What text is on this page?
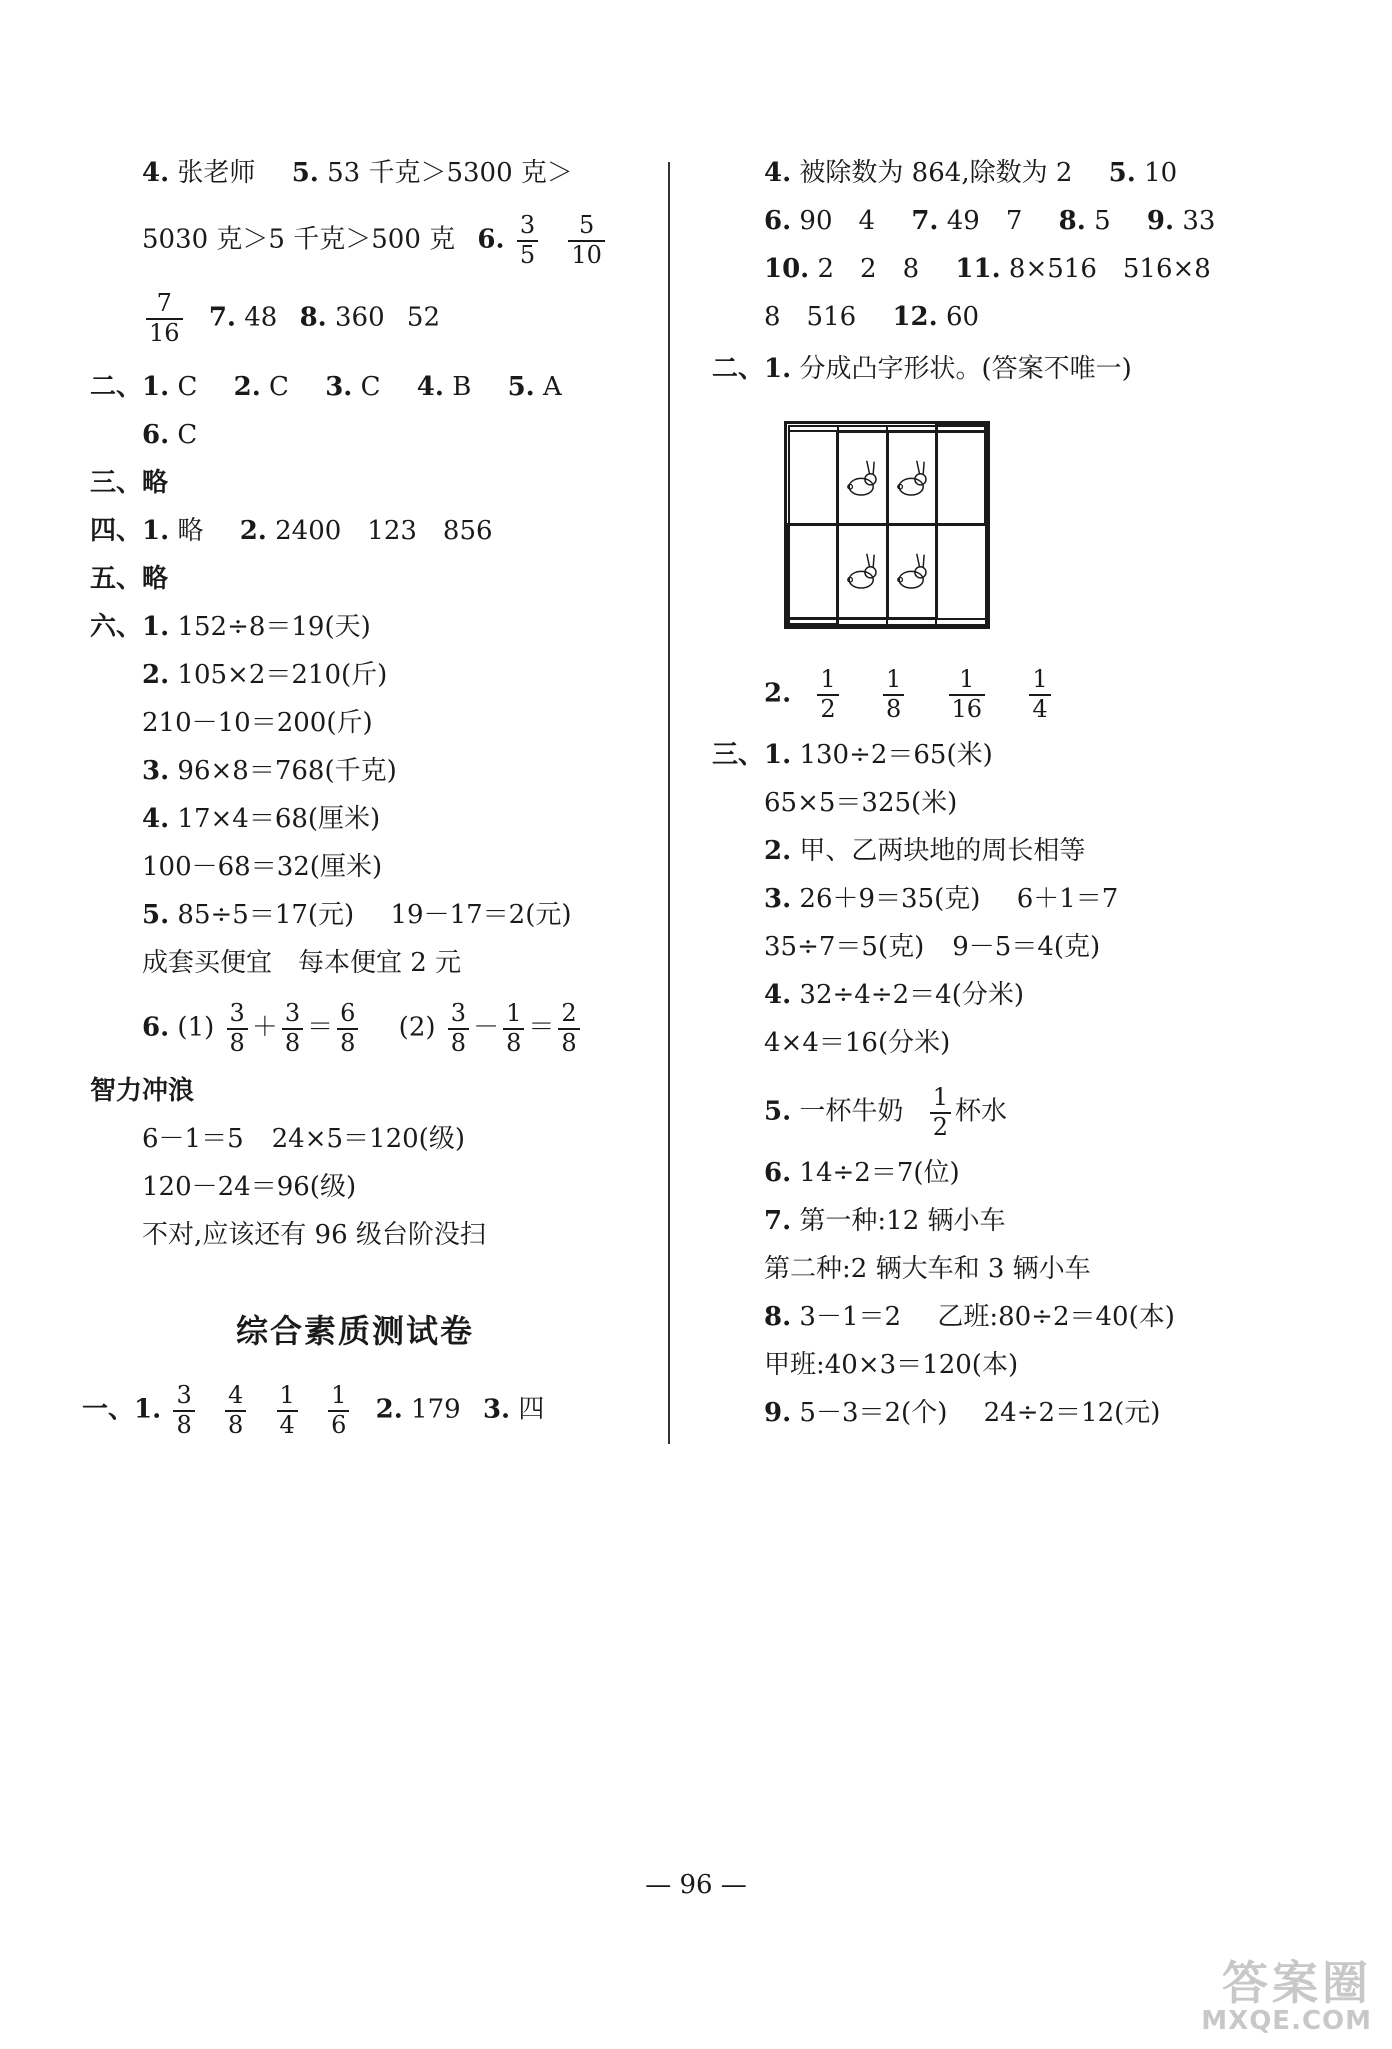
4. 张老师 5. 53 千克＞5300 克＞
5030 克＞5 千克＞500 克 6. $\frac{3}{5}$
$\frac{5}{10}$
$\frac{7}{16} 7$. 48 8. 360 52
二、1. C 2. C 3. C 4. B 5. A
6. C
三、略
四、1. 略 2. 2400　123　856
五、略
六、1. 152÷8＝19(天)
2. 105×2＝210(斤)
210－10＝200(斤)
3. 96×8＝768(千克)
4. 17×4＝68(厘米)
100－68＝32(厘米)
5. 85÷5＝17(元) 19－17＝2(元)
成套买便宜　每本便宜 2 元
6. $(1) \frac{3}{8} + \frac{3}{8} = \frac{6}{8} (2) \frac{3}{8} - \frac{1}{8} = \frac{2}{8}$
智力冲浪
6－1＝5 24×5＝120(级)
120－24＝96(级)
不对,应该还有 96 级台阶没扫
综合素质测试卷
一、1. $\frac{3}{8}$
$\frac{4}{8}$
$\frac{1}{4}$
$\frac{1}{6} 2$. 179 3. 四
4. 被除数为 864,除数为 2 5. 10
6. 90　4 7. 49　7 8. 5 9. 33
10. 2　2　8 11. 8×516　516×8
8　516 12. 60
二、1. 分成凸字形状。(答案不唯一)

2. $\frac{1}{2}$
$\frac{1}{8}$
$\frac{1}{16}$
$\frac{1}{4}$
三、1. 130÷2＝65(米)
65×5＝325(米)
2. 甲、乙两块地的周长相等
3. 26＋9＝35(克) 6＋1＝7
35÷7＝5(克) 9－5＝4(克)
4. 32÷4÷2＝4(分米)
4×4＝16(分米)
5. 一杯牛奶 $\frac{1}{2}$ 杯水
6. 14÷2＝7(位)
7. 第一种:12 辆小车
第二种:2 辆大车和 3 辆小车
8. 3－1＝2 乙班:80÷2＝40(本)
甲班:40×3＝120(本)
9. 5－3＝2(个) 24÷2＝12(元)
— 96 —
答案圈
MXQE.COM
